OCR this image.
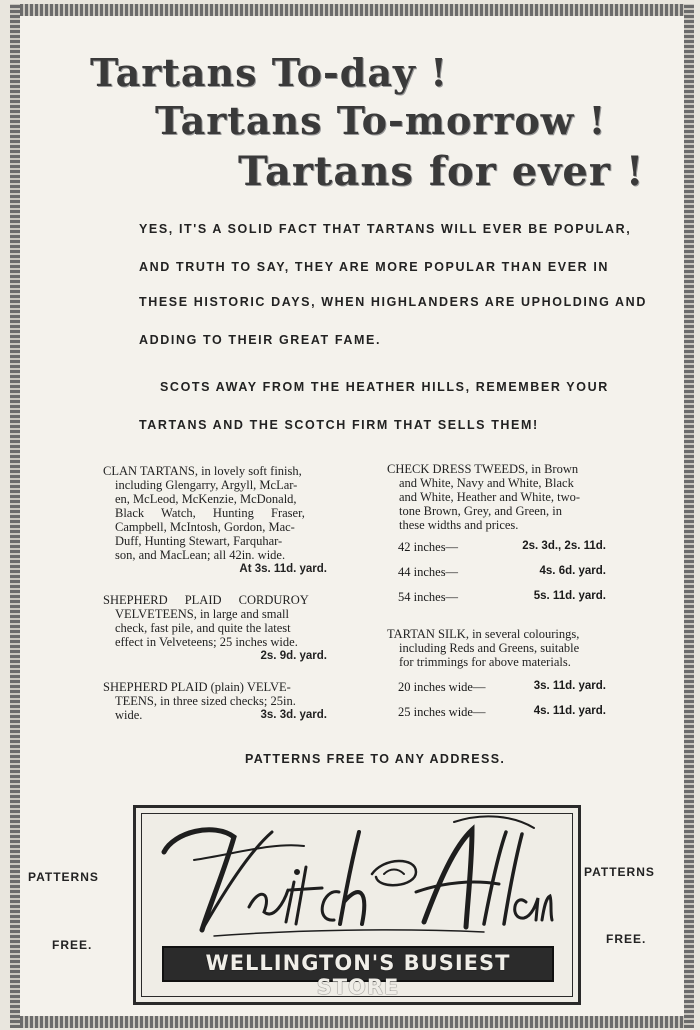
Tartans To-day !
Tartans To-morrow !
Tartans for ever !
YES, IT'S A SOLID FACT THAT TARTANS WILL EVER BE POPULAR,
AND TRUTH TO SAY, THEY ARE MORE POPULAR THAN EVER IN
THESE HISTORIC DAYS, WHEN HIGHLANDERS ARE UPHOLDING AND
ADDING TO THEIR GREAT FAME.
SCOTS AWAY FROM THE HEATHER HILLS, REMEMBER YOUR
TARTANS AND THE SCOTCH FIRM THAT SELLS THEM!

CLAN TARTANS, in lovely soft finish,

including Glengarry, Argyll, McLar-

en, McLeod, McKenzie, McDonald,

Black Watch, Hunting Fraser,

Campbell, McIntosh, Gordon, Mac-

Duff, Hunting Stewart, Farquhar-

son, and MacLean; all 42in. wide.

At 3s. 11d. yard.

SHEPHERD PLAID CORDUROY

VELVETEENS, in large and small

check, fast pile, and quite the latest

effect in Velveteens; 25 inches wide.

2s. 9d. yard.

SHEPHERD PLAID (plain) VELVE-

TEENS, in three sized checks; 25in.

wide.	3s. 3d. yard.

CHECK DRESS TWEEDS, in Brown

and White, Navy and White, Black

and White, Heather and White, two-

tone Brown, Grey, and Green, in

these widths and prices.

42 inches—	2s. 3d., 2s. 11d.
44 inches—	4s. 6d. yard.
54 inches—	5s. 11d. yard.

TARTAN SILK, in several colourings,

including Reds and Greens, suitable

for trimmings for above materials.

20 inches wide—	3s. 11d. yard.
25 inches wide—	4s. 11d. yard.
PATTERNS FREE TO ANY ADDRESS.
PATTERNS
FREE.
PATTERNS
FREE.
WELLINGTON'S BUSIEST STORE
